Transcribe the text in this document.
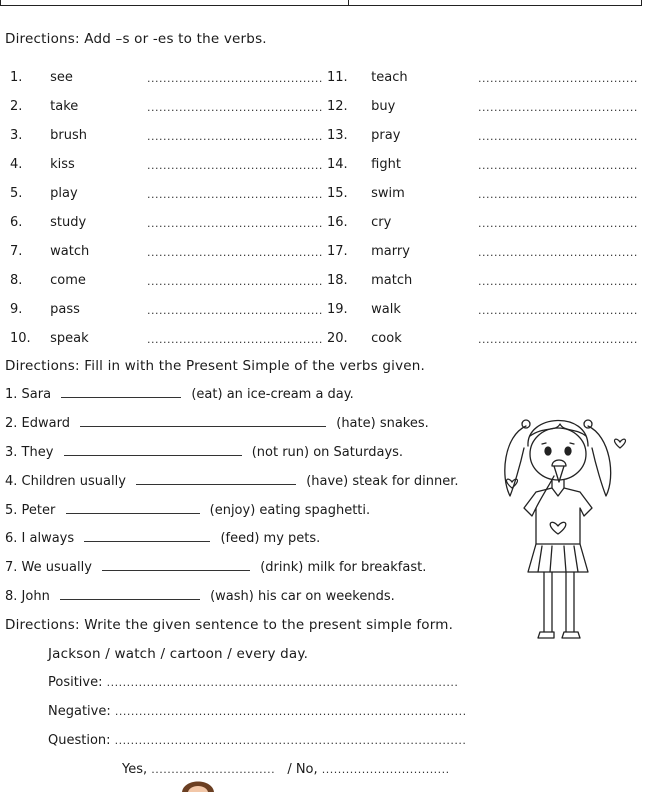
Directions: Add –s or -es to the verbs.
1. see	............................................ 11. teach	........................................
2. take	............................................ 12. buy	........................................
3. brush	............................................ 13. pray	........................................
4. kiss	............................................ 14. fight	........................................
5. play	............................................ 15. swim	........................................
6. study	............................................ 16. cry	........................................
7. watch	............................................ 17. marry	........................................
8. come	............................................ 18. match	........................................
9. pass	............................................ 19. walk	........................................
10. speak	............................................ 20. cook	........................................
Directions: Fill in with the Present Simple of the verbs given.
1. Sara	(eat) an ice-cream a day.
2. Edward	(hate) snakes.
3. They	(not run) on Saturdays.
4. Children usually	(have) steak for dinner.
5. Peter	(enjoy) eating spaghetti.
6. I always	(feed) my pets.
7. We usually	(drink) milk for breakfast.
8. John	(wash) his car on weekends.
Directions: Write the given sentence to the present simple form.
Jackson / watch / cartoon / every day.
Positive: ........................................................................................
Negative: ........................................................................................
Question: ........................................................................................
Yes, ............................... / No, ................................
